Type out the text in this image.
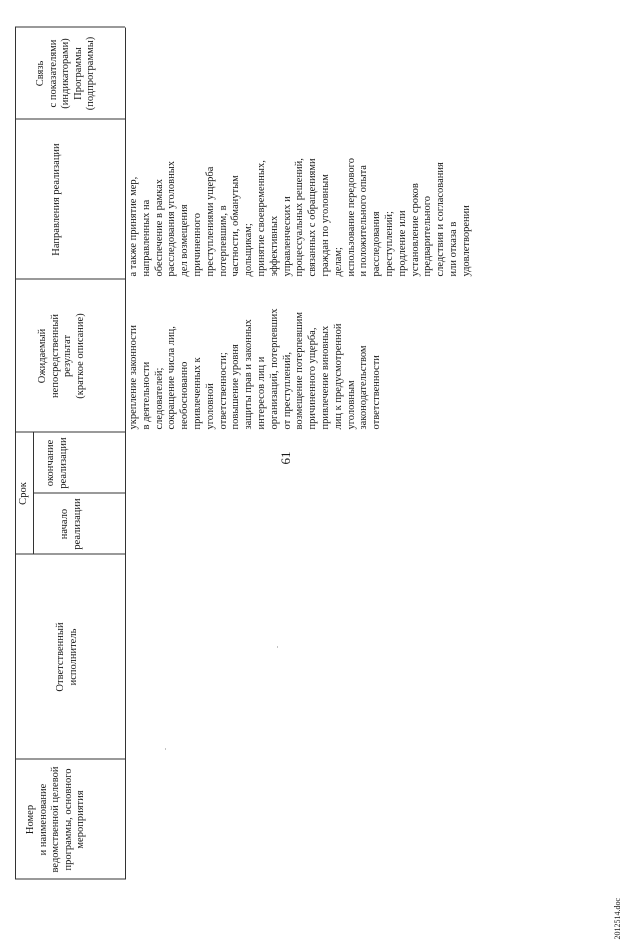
Номер
и наименование
ведомственной целевой
программы, основного
мероприятия
Ответственный
исполнитель
Срок
начало
реализации
окончание
реализации
Ожидаемый
непосредственный
результат
(краткое описание)
Направления реализации
Связь
с показателями
(индикаторами)
Программы
(подпрограммы)
укрепление законности
в деятельности
следователей;
сокращение числа лиц,
необоснованно
привлеченных к
уголовной
ответственности;
повышение уровня
защиты прав и законных
интересов лиц и
организаций, потерпевших
от преступлений,
возмещение потерпевшим
причиненного ущерба,
привлечение виновных
лиц к предусмотренной
уголовным
законодательством
ответственности
а также принятие мер,
направленных на
обеспечение в рамках
расследования уголовных
дел возмещения
причиненного
преступлениями ущерба
потерпевшим, в
частности, обманутым
дольщикам;
принятие своевременных,
эффективных
управленческих и
процессуальных решений,
связанных с обращениями
граждан по уголовным
делам;
использование передового
и положительного опыта
расследования
преступлений;
продление или
установление сроков
предварительного
следствия и согласования
или отказа в
удовлетворении
61
2012514.doc
